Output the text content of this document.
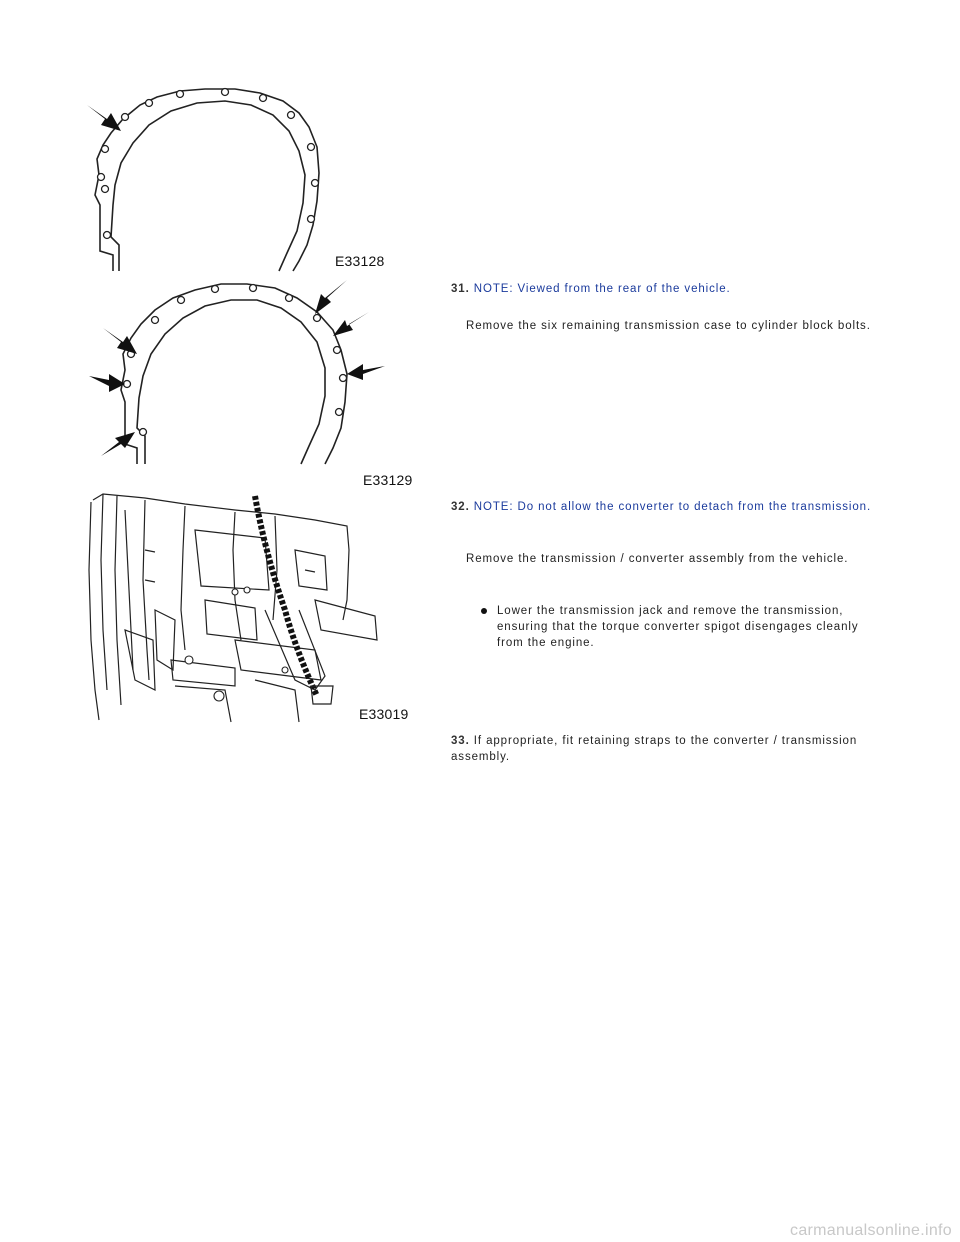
E33128
E33129
E33019
31. NOTE: Viewed from the rear of the vehicle.
Remove the six remaining transmission case to cylinder block bolts.
32. NOTE: Do not allow the converter to detach from the transmission.
Remove the transmission / converter assembly from the vehicle.
Lower the transmission jack and remove the transmission, ensuring that the torque converter spigot disengages cleanly from the engine.
33. If appropriate, fit retaining straps to the converter / transmission assembly.
carmanualsonline.info
